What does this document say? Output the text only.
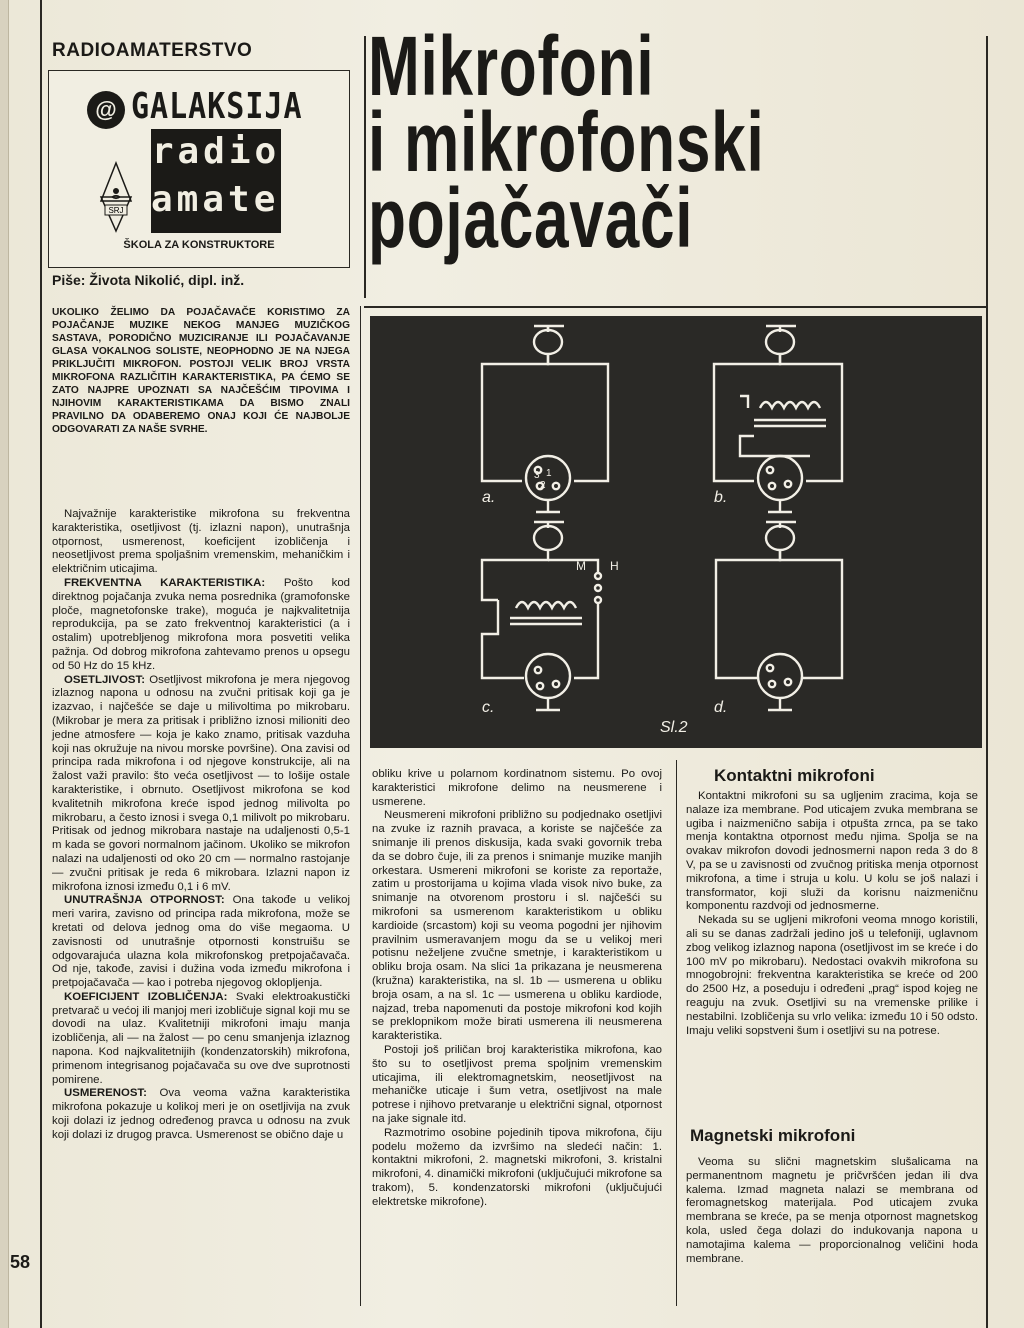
RADIOAMATERSTVO
@ GALAKSIJA
SRJ
radio
amater
ŠKOLA ZA KONSTRUKTORE
Piše: Života Nikolić, dipl. inž.
Mikrofoni
i mikrofonski
pojačavači
UKOLIKO ŽELIMO DA POJAČAVAČE KORISTIMO ZA POJAČANJE MUZIKE NEKOG MANJEG MUZIČKOG SASTAVA, PORODIČNO MUZICIRANJE ILI POJAČAVANJE GLASA VOKALNOG SOLISTE, NEOPHODNO JE NA NJEGA PRIKLJUČITI MIKROFON. POSTOJI VELIK BROJ VRSTA MIKROFONA RAZLIČITIH KARAKTERISTIKA, PA ĆEMO SE ZATO NAJPRE UPOZNATI SA NAJČEŠĆIM TIPOVIMA I NJIHOVIM KARAKTERISTIKAMA DA BISMO ZNALI PRAVILNO DA ODABEREMO ONAJ KOJI ĆE NAJBOLJE ODGOVARATI ZA NAŠE SVRHE.
a.	b.
c.	d.
Sl.2
M H
1
2
3

Najvažnije karakteristike mikrofona su frekventna karakteristika, osetljivost (tj. izlazni napon), unutrašnja otpornost, usmerenost, koeficijent izobličenja i neosetljivost prema spoljašnim vremenskim, mehaničkim i električnim uticajima.

FREKVENTNA KARAKTERISTIKA: Pošto kod direktnog pojačanja zvuka nema posrednika (gramofonske ploče, magnetofonske trake), moguća je najkvalitetnija reprodukcija, pa se zato frekventnoj karakteristici (a i ostalim) upotrebljenog mikrofona mora posvetiti velika pažnja. Od dobrog mikrofona zahtevamo prenos u opsegu od 50 Hz do 15 kHz.

OSETLJIVOST: Osetljivost mikrofona je mera njegovog izlaznog napona u odnosu na zvučni pritisak koji ga je izazvao, i najčešće se daje u milivoltima po mikrobaru. (Mikrobar je mera za pritisak i približno iznosi milioniti deo jedne atmosfere — koja je kako znamo, pritisak vazduha koji nas okružuje na nivou morske površine). Ona zavisi od principa rada mikrofona i od njegove konstrukcije, ali na žalost važi pravilo: što veća osetljivost — to lošije ostale karakteristike, i obrnuto. Osetljivost mikrofona se kod kvalitetnih mikrofona kreće ispod jednog milivolta po mikrobaru, a često iznosi i svega 0,1 milivolt po mikrobaru. Pritisak od jednog mikrobara nastaje na udaljenosti 0,5-1 m kada se govori normalnom jačinom. Ukoliko se mikrofon nalazi na udaljenosti od oko 20 cm — normalno rastojanje — zvučni pritisak je reda 6 mikrobara. Izlazni napon iz mikrofona iznosi između 0,1 i 6 mV.

UNUTRAŠNJA OTPORNOST: Ona takođe u velikoj meri varira, zavisno od principa rada mikrofona, može se kretati od delova jednog oma do više megaoma. U zavisnosti od unutrašnje otpornosti konstruišu se odgovarajuća ulazna kola mikrofonskog pretpojačavača. Od nje, takođe, zavisi i dužina voda između mikrofona i pretpojačavača — kao i potreba njegovog okloplјenja.

KOEFICIJENT IZOBLIČENJA: Svaki elektroakustički pretvarač u većoj ili manjoj meri izobličuje signal koji mu se dovodi na ulaz. Kvalitetniji mikrofoni imaju manja izobličenja, ali — na žalost — po cenu smanjenja izlaznog napona. Kod najkvalitetnijih (kondenzatorskih) mikrofona, primenom integrisanog pojačavača su ove dve suprotnosti pomirene.

USMERENOST: Ova veoma važna karakteristika mikrofona pokazuje u kolikoj meri je on osetljivija na zvuk koji dolazi iz jednog određenog pravca u odnosu na zvuk koji dolazi iz drugog pravca. Usmerenost se obično daje u

obliku krive u polarnom kordinatnom sistemu. Po ovoj karakteristici mikrofone delimo na neusmerene i usmerene.

Neusmereni mikrofoni približno su podjednako osetljivi na zvuke iz raznih pravaca, a koriste se najčešće za snimanje ili prenos diskusija, kada svaki govornik treba da se dobro čuje, ili za prenos i snimanje muzike manjih orkestara. Usmereni mikrofoni se koriste za reportaže, zatim u prostorijama u kojima vlada visok nivo buke, za snimanje na otvorenom prostoru i sl. najčešći su mikrofoni sa usmerenom karakteristikom u obliku kardioide (srcastom) koji su veoma pogodni jer njihovim pravilnim usmeravanjem mogu da se u velikoj meri potisnu neželjene zvučne smetnje, i karakteristikom u obliku broja osam. Na slici 1a prikazana je neusmerena (kružna) karakteristika, na sl. 1b — usmerena u obliku broja osam, a na sl. 1c — usmerena u obliku kardiode, najzad, treba napomenuti da postoje mikrofoni kod kojih se preklopnikom može birati usmerena ili neusmerena karakteristika.

Postoji još priličan broj karakteristika mikrofona, kao što su to osetljivost prema spoljnim vremenskim uticajima, ili elektromagnetskim, neosetljivost na mehaničke uticaje i šum vetra, osetljivost na male potrese i njihovo pretvaranje u električni signal, otpornost na jake signale itd.

Razmotrimo osobine pojedinih tipova mikrofona, čiju podelu možemo da izvršimo na sledeći način: 1. kontaktni mikrofoni, 2. magnetski mikrofoni, 3. kristalni mikrofoni, 4. dinamički mikrofoni (uključujući mikrofone sa trakom), 5. kondenzatorski mikrofoni (uključujući elektretske mikrofone).

Kontaktni mikrofoni

Kontaktni mikrofoni su sa ugljenim zracima, koja se nalaze iza membrane. Pod uticajem zvuka membrana se ugiba i naizmenično sabija i otpušta zrnca, pa se tako menja kontaktna otpornost među njima. Spolja se na ovakav mikrofon dovodi jednosmerni napon reda 3 do 8 V, pa se u zavisnosti od zvučnog pritiska menja otpornost mikrofona, a time i struja u kolu. U kolu se još nalazi i transformator, koji služi da korisnu naizmeničnu komponentu razdvoji od jednosmerne.

Nekada su se ugljeni mikrofoni veoma mnogo koristili, ali su se danas zadržali jedino još u telefoniji, uglavnom zbog velikog izlaznog napona (osetljivost im se kreće i do 100 mV po mikrobaru). Nedostaci ovakvih mikrofona su mnogobrojni: frekventna karakteristika se kreće od 200 do 2500 Hz, a poseduju i određeni „prag“ ispod kojeg ne reaguju na zvuk. Osetljivi su na vremenske prilike i nestabilni. Izobličenja su vrlo velika: između 10 i 50 odsto. Imaju veliki sopstveni šum i osetljivi su na potrese.

Magnetski mikrofoni

Veoma su slični magnetskim slušalicama na permanentnom magnetu je pričvršćen jedan ili dva kalema. Izmad magneta nalazi se membrana od feromagnetskog materijala. Pod uticajem zvuka membrana se kreće, pa se menja otpornost magnetskog kola, usled čega dolazi do indukovanja napona u namotajima kalema — proporcionalnog veličini hoda membrane.

58
